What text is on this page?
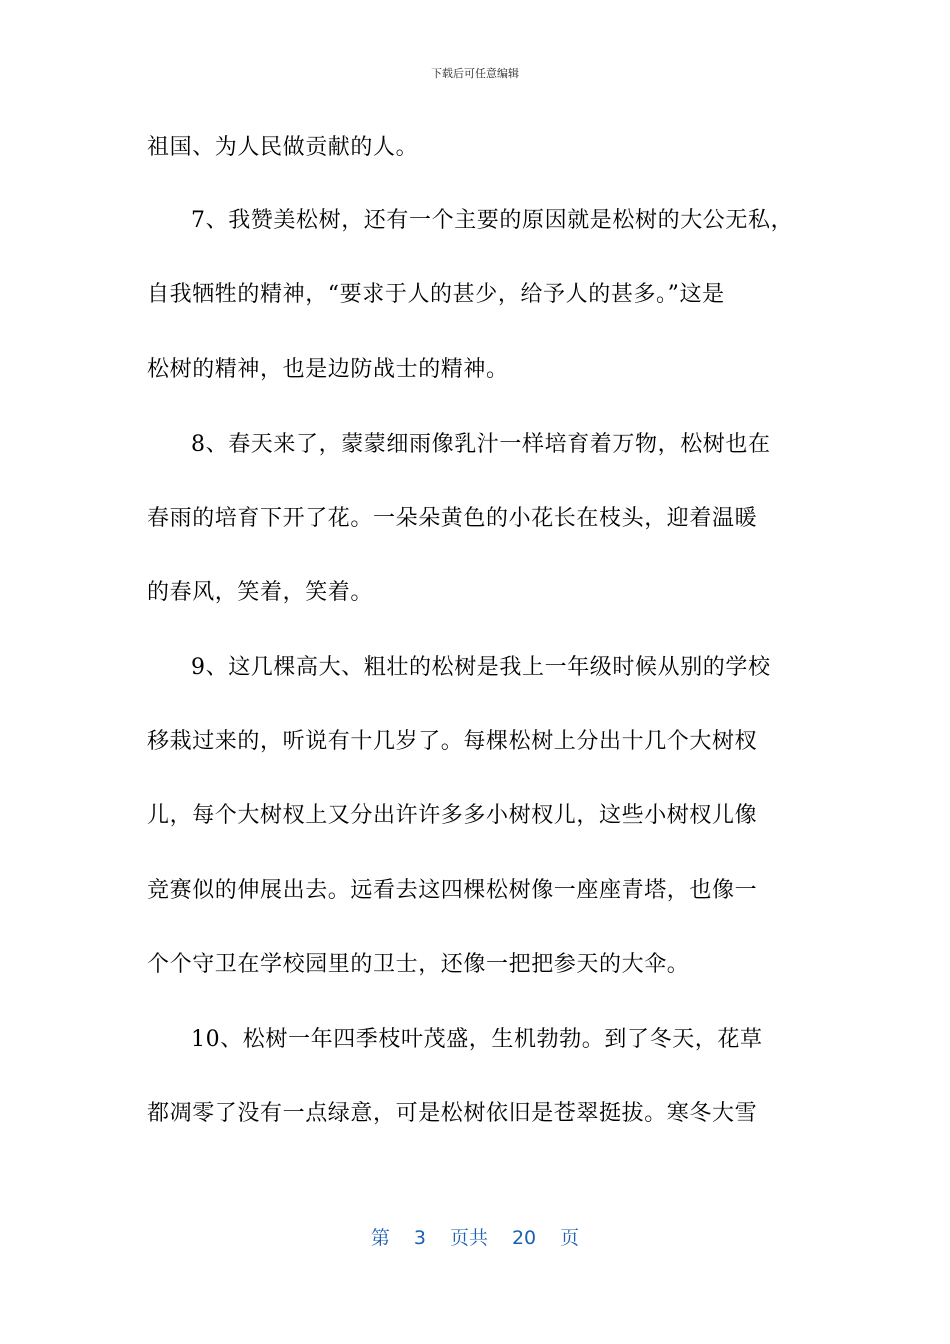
下载后可任意编辑
祖国、为人民做贡献的人。
7、我赞美松树，还有一个主要的原因就是松树的大公无私，
自我牺牲的精神，“要求于人的甚少，给予人的甚多。”这是
松树的精神，也是边防战士的精神。
8、春天来了，蒙蒙细雨像乳汁一样培育着万物，松树也在
春雨的培育下开了花。一朵朵黄色的小花长在枝头，迎着温暖
的春风，笑着，笑着。
9、这几棵高大、粗壮的松树是我上一年级时候从别的学校
移栽过来的，听说有十几岁了。每棵松树上分出十几个大树杈
儿，每个大树杈上又分出许许多多小树杈儿，这些小树杈儿像
竞赛似的伸展出去。远看去这四棵松树像一座座青塔，也像一
个个守卫在学校园里的卫士，还像一把把参天的大伞。
10、松树一年四季枝叶茂盛，生机勃勃。到了冬天，花草
都凋零了没有一点绿意，可是松树依旧是苍翠挺拔。寒冬大雪
第 3 页共 20 页
